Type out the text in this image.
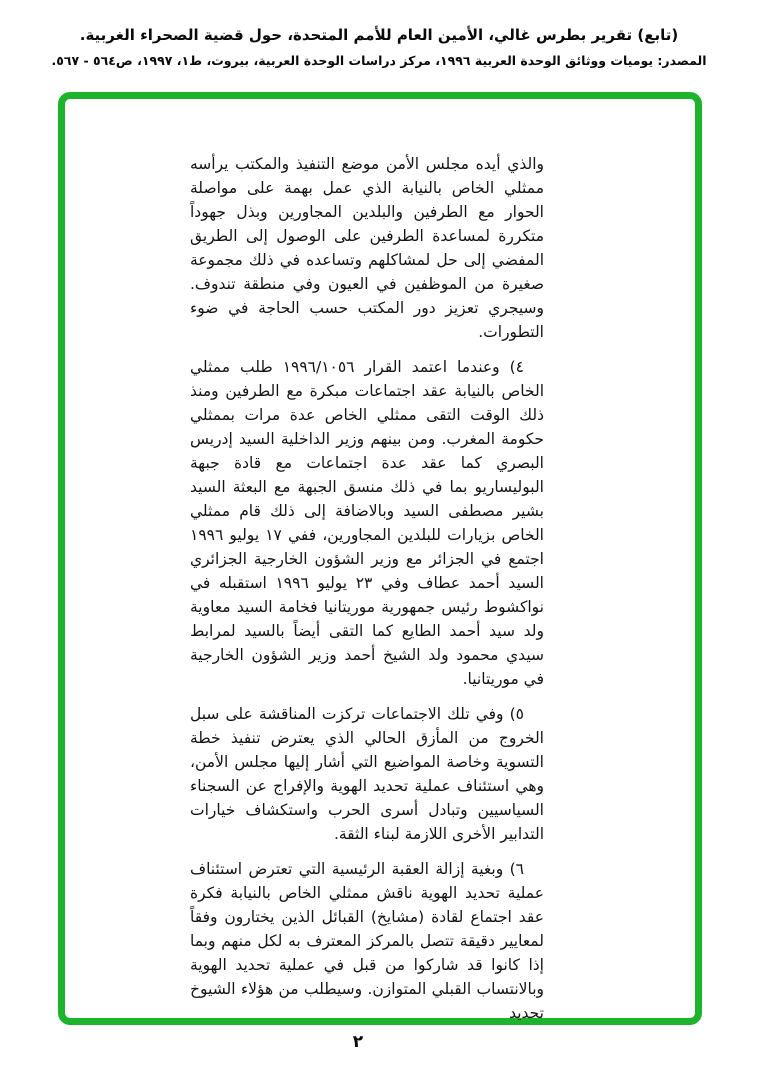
(تابع) تقرير بطرس غالي، الأمين العام للأمم المتحدة، حول قضية الصحراء الغربية.
المصدر: يوميات ووثائق الوحدة العربية ١٩٩٦، مركز دراسات الوحدة العربية، بيروت، ط١، ١٩٩٧، ص٥٦٤ - ٥٦٧.

والذي أيده مجلس الأمن موضع التنفيذ والمكتب يرأسه ممثلي الخاص بالنيابة الذي عمل بهمة على مواصلة الحوار مع الطرفين والبلدين المجاورين وبذل جهوداً متكررة لمساعدة الطرفين على الوصول إلى الطريق المفضي إلى حل لمشاكلهم وتساعده في ذلك مجموعة صغيرة من الموظفين في العيون وفي منطقة تندوف. وسيجري تعزيز دور المكتب حسب الحاجة في ضوء التطورات.

٤) وعندما اعتمد القرار ١٩٩٦/١٠٥٦ طلب ممثلي الخاص بالنيابة عقد اجتماعات مبكرة مع الطرفين ومنذ ذلك الوقت التقى ممثلي الخاص عدة مرات بممثلي حكومة المغرب. ومن بينهم وزير الداخلية السيد إدريس البصري كما عقد عدة اجتماعات مع قادة جبهة البوليساريو بما في ذلك منسق الجبهة مع البعثة السيد بشير مصطفى السيد وبالاضافة إلى ذلك قام ممثلي الخاص بزيارات للبلدين المجاورين، ففي ١٧ يوليو ١٩٩٦ اجتمع في الجزائر مع وزير الشؤون الخارجية الجزائري السيد أحمد عطاف وفي ٢٣ يوليو ١٩٩٦ استقبله في نواكشوط رئيس جمهورية موريتانيا فخامة السيد معاوية ولد سيد أحمد الطايع كما التقى أيضاً بالسيد لمرابط سيدي محمود ولد الشيخ أحمد وزير الشؤون الخارجية في موريتانيا.

٥) وفي تلك الاجتماعات تركزت المناقشة على سبل الخروج من المأزق الحالي الذي يعترض تنفيذ خطة التسوية وخاصة المواضيع التي أشار إليها مجلس الأمن، وهي استئناف عملية تحديد الهوية والإفراج عن السجناء السياسيين وتبادل أسرى الحرب واستكشاف خيارات التدابير الأخرى اللازمة لبناء الثقة.

٦) وبغية إزالة العقبة الرئيسية التي تعترض استئناف عملية تحديد الهوية ناقش ممثلي الخاص بالنيابة فكرة عقد اجتماع لقادة (مشايخ) القبائل الذين يختارون وفقاً لمعايير دقيقة تتصل بالمركز المعترف به لكل منهم وبما إذا كانوا قد شاركوا من قبل في عملية تحديد الهوية وبالانتساب القبلي المتوازن. وسيطلب من هؤلاء الشيوخ تحديد

٢
